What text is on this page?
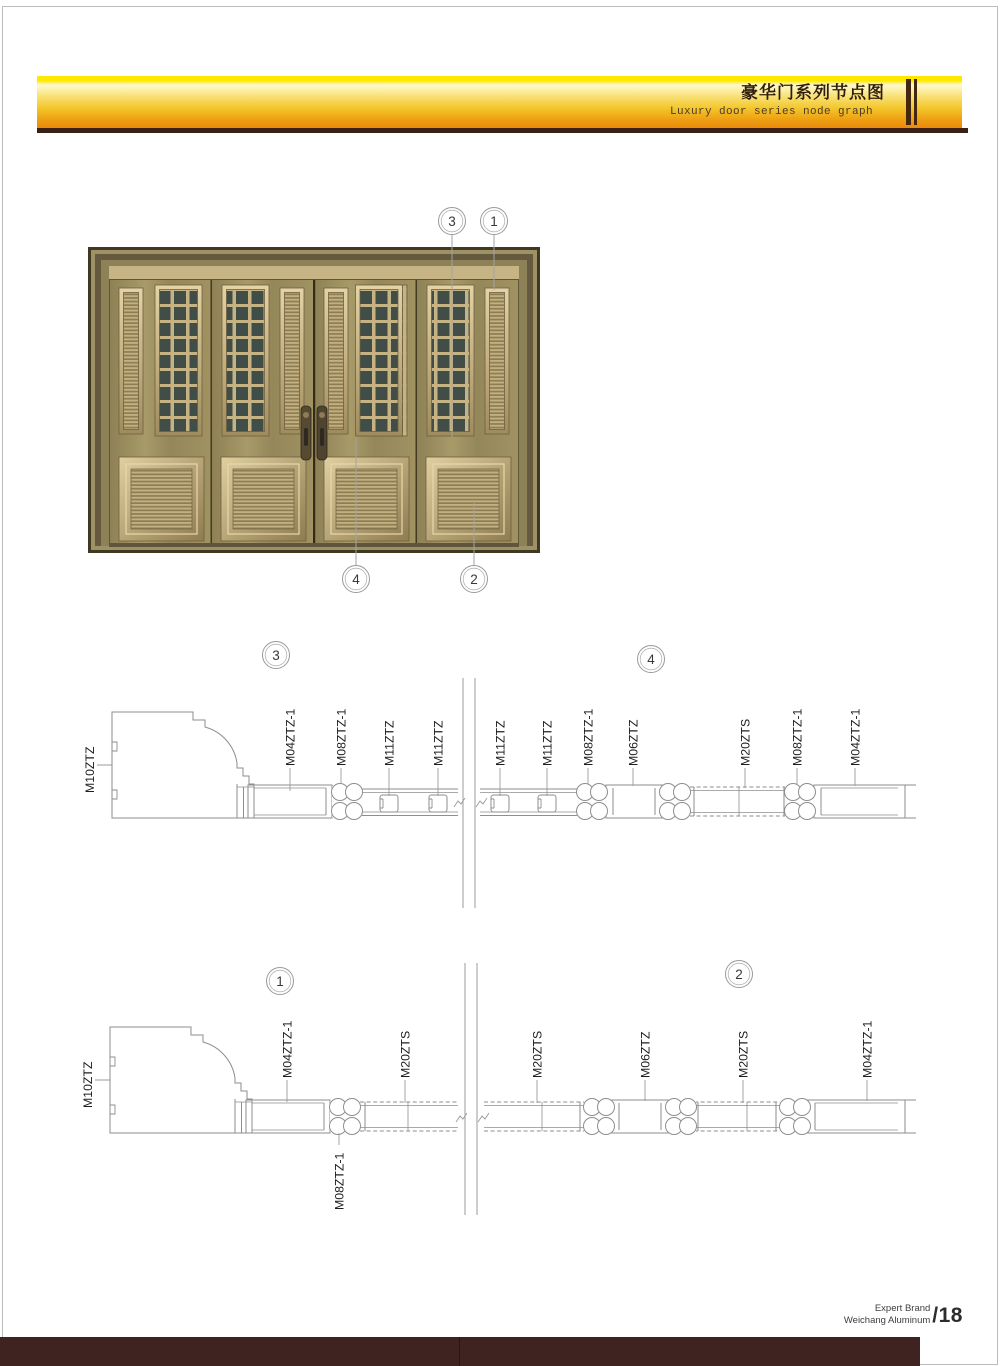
豪华门系列节点图
Luxury door series node graph
3	1
4	2
3	4
M10ZTZ
M04ZTZ-1	M08ZTZ-1	M11ZTZ	M11ZTZ	M11ZTZ	M11ZTZ M08ZTZ-1	M06ZTZ	M20ZTS	M08ZTZ-1	M04ZTZ-1
1	2
M10ZTZ
M04ZTZ-1	M20ZTS	M20ZTS	M06ZTZ	M20ZTS	M04ZTZ-1
M08ZTZ-1
Expert Brand
Weichang Aluminum /18
